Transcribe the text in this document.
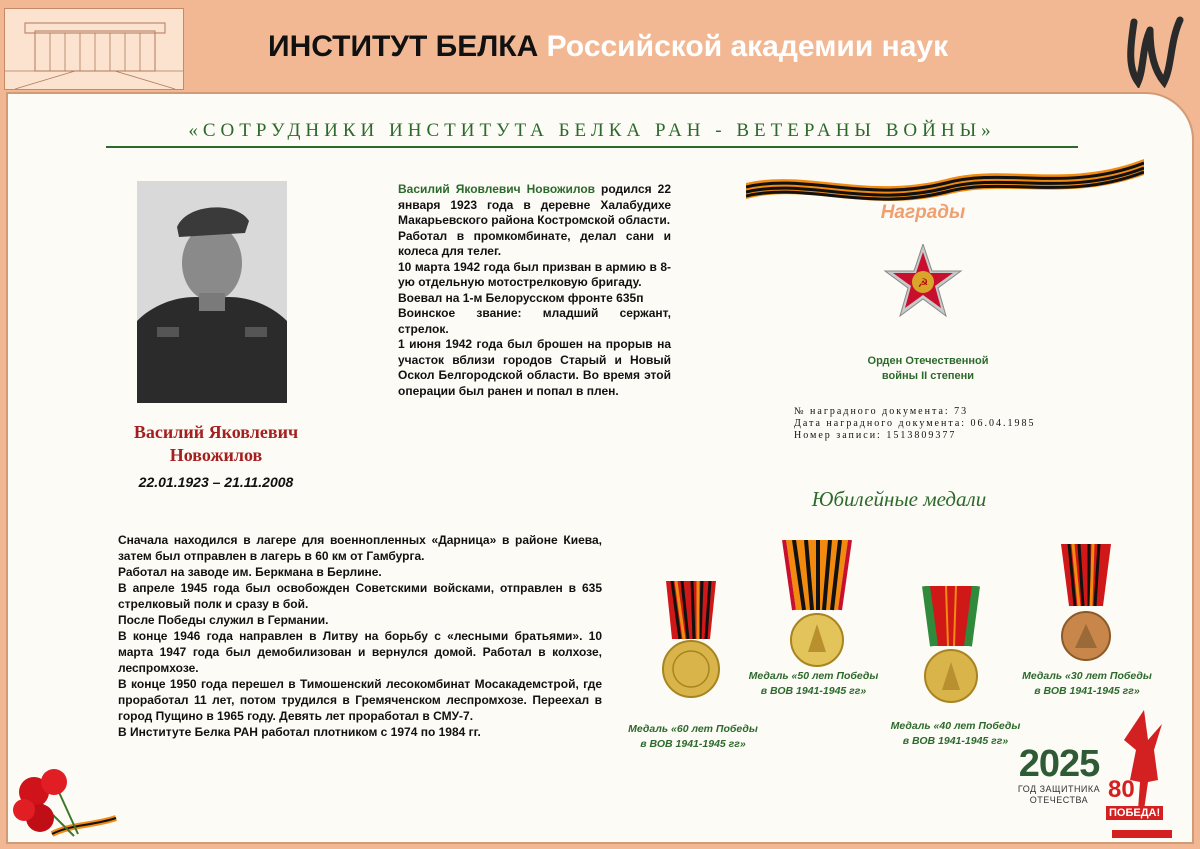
ИНСТИТУТ БЕЛКА Российской академии наук
«СОТРУДНИКИ ИНСТИТУТА БЕЛКА РАН - ВЕТЕРАНЫ ВОЙНЫ»
Василий Яковлевич
Новожилов
22.01.1923 – 21.11.2008

Василий Яковлевич Новожилов родился 22 января 1923 года в деревне Халабудихе Макарьевского района Костромской области.

Работал в промкомбинате, делал сани и колеса для телег.

10 марта 1942 года был призван в армию в 8-ую отдельную мотострелковую бригаду.

Воевал на 1-м Белорусском фронте 635п

Воинское звание: младший сержант, стрелок.

1 июня 1942 года был брошен на прорыв на участок вблизи городов Старый и Новый Оскол Белгородской области. Во время этой операции был ранен и попал в плен.

Награды
☭
Орден Отечественной
войны II степени
№ наградного документа: 73
Дата наградного документа: 06.04.1985
Номер записи: 1513809377
Юбилейные медали

Сначала находился в лагере для военнопленных «Дарница» в районе Киева, затем был отправлен в лагерь в 60 км от Гамбурга.

Работал на заводе им. Беркмана в Берлине.

В апреле 1945 года был освобожден Советскими войсками, отправлен в 635 стрелковый полк и сразу в бой.

После Победы служил в Германии.

В конце 1946 года направлен в Литву на борьбу с «лесными братьями». 10 марта 1947 года был демобилизован и вернулся домой. Работал в колхозе, леспромхозе.

В конце 1950 года перешел в Тимошенский лесокомбинат Мосакадемстрой, где проработал 11 лет, потом трудился в Гремяченском леспромхозе. Переехал в город Пущино в 1965 году. Девять лет проработал в СМУ-7.

В Институте Белка РАН работал плотником с 1974 по 1984 гг.	Медаль «60 лет Победы
в ВОВ 1941-1945 гг»
Медаль «50 лет Победы
в ВОВ 1941-1945 гг»
Медаль «40 лет Победы
в ВОВ 1941-1945 гг»
Медаль «30 лет Победы
в ВОВ 1941-1945 гг»
2025
ГОД ЗАЩИТНИКА
ОТЕЧЕСТВА 80
ПОБЕДА!
